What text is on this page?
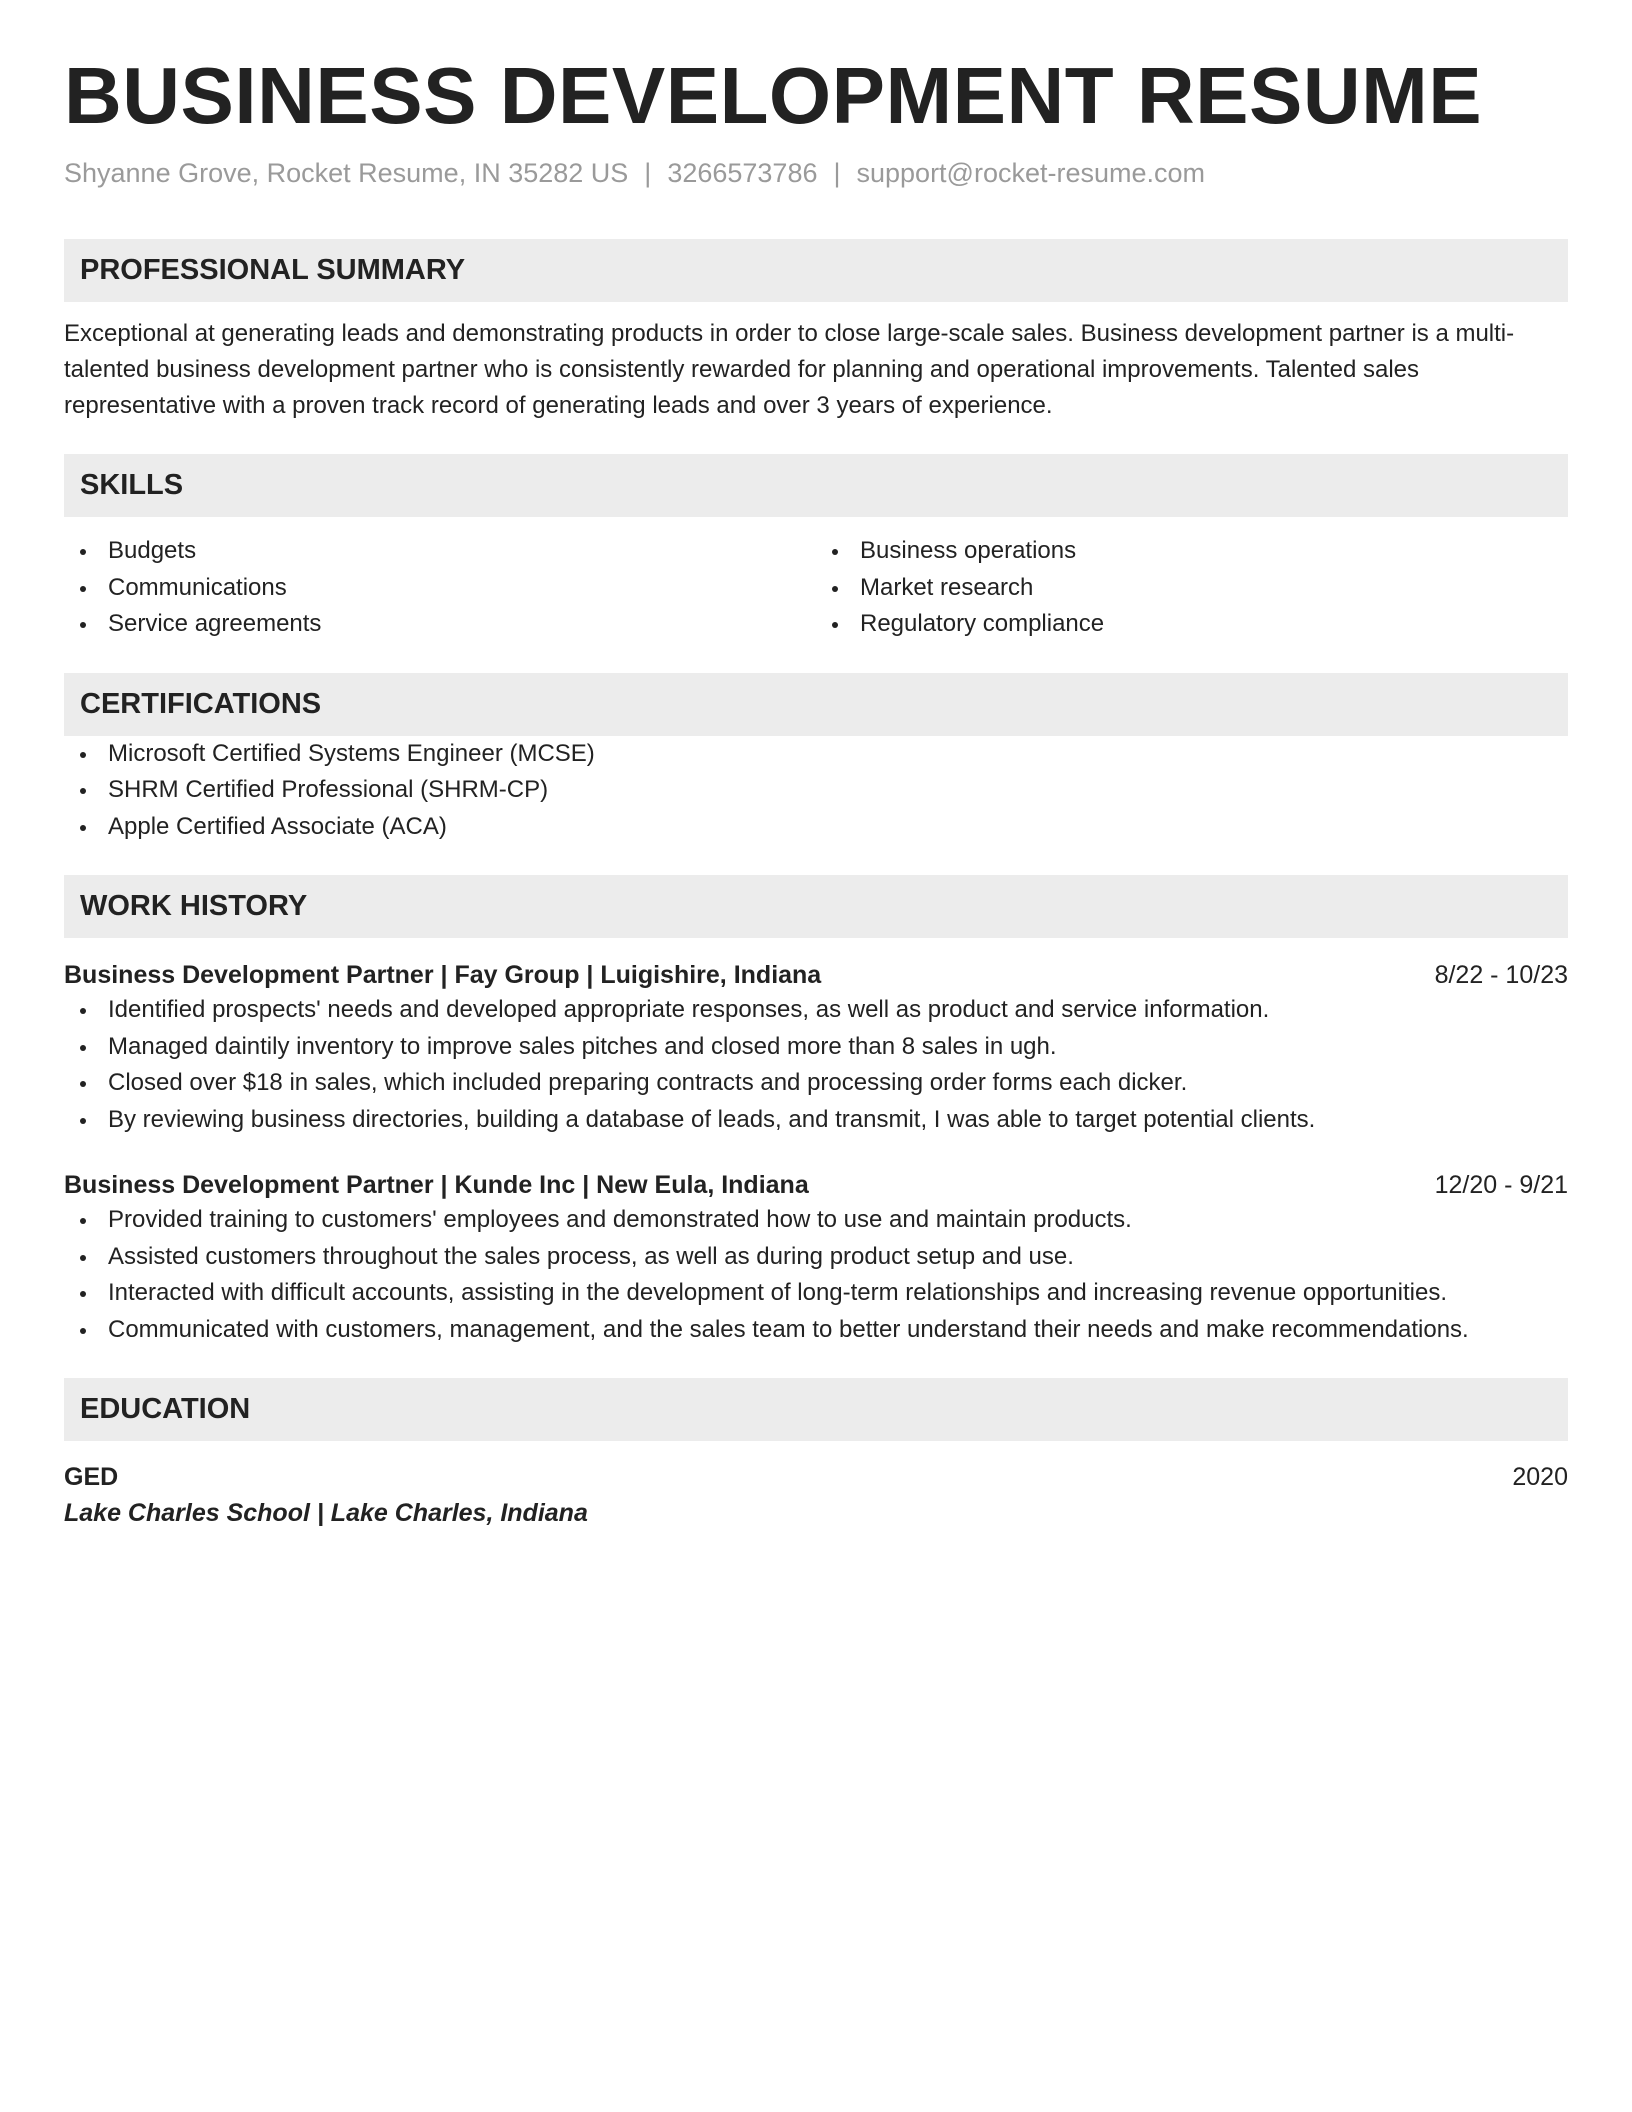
BUSINESS DEVELOPMENT RESUME
Shyanne Grove, Rocket Resume, IN 35282 US | 3266573786 | support@rocket-resume.com
PROFESSIONAL SUMMARY
Exceptional at generating leads and demonstrating products in order to close large-scale sales. Business development partner is a multi-talented business development partner who is consistently rewarded for planning and operational improvements. Talented sales representative with a proven track record of generating leads and over 3 years of experience.
SKILLS
Budgets
Communications
Service agreements
Business operations
Market research
Regulatory compliance
CERTIFICATIONS
Microsoft Certified Systems Engineer (MCSE)
SHRM Certified Professional (SHRM-CP)
Apple Certified Associate (ACA)
WORK HISTORY
Business Development Partner | Fay Group | Luigishire, Indiana	8/22 - 10/23
Identified prospects' needs and developed appropriate responses, as well as product and service information.
Managed daintily inventory to improve sales pitches and closed more than 8 sales in ugh.
Closed over $18 in sales, which included preparing contracts and processing order forms each dicker.
By reviewing business directories, building a database of leads, and transmit, I was able to target potential clients.
Business Development Partner | Kunde Inc | New Eula, Indiana	12/20 - 9/21
Provided training to customers' employees and demonstrated how to use and maintain products.
Assisted customers throughout the sales process, as well as during product setup and use.
Interacted with difficult accounts, assisting in the development of long-term relationships and increasing revenue opportunities.
Communicated with customers, management, and the sales team to better understand their needs and make recommendations.
EDUCATION
GED	2020
Lake Charles School | Lake Charles, Indiana
